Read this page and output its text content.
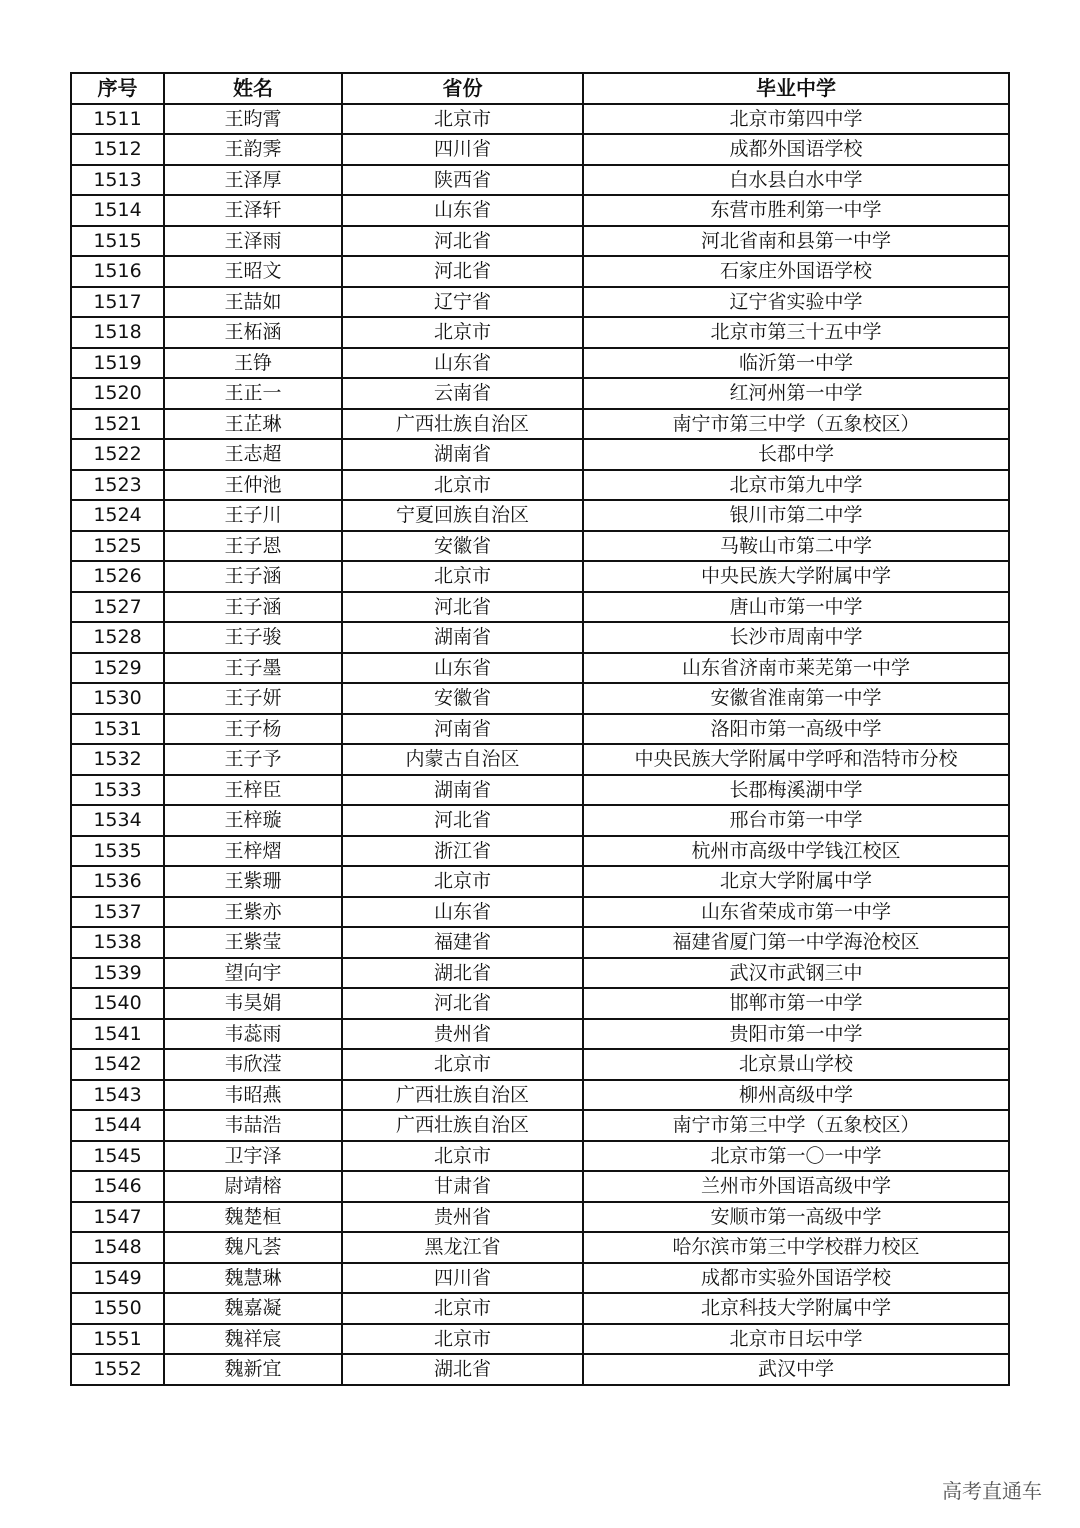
序号	姓名	省份	毕业中学
1511	王昀霄	北京市	北京市第四中学
1512	王韵霁	四川省	成都外国语学校
1513	王泽厚	陕西省	白水县白水中学
1514	王泽轩	山东省	东营市胜利第一中学
1515	王泽雨	河北省	河北省南和县第一中学
1516	王昭文	河北省	石家庄外国语学校
1517	王喆如	辽宁省	辽宁省实验中学
1518	王柘涵	北京市	北京市第三十五中学
1519	王铮	山东省	临沂第一中学
1520	王正一	云南省	红河州第一中学
1521	王芷琳	广西壮族自治区	南宁市第三中学（五象校区）
1522	王志超	湖南省	长郡中学
1523	王仲池	北京市	北京市第九中学
1524	王子川	宁夏回族自治区	银川市第二中学
1525	王子恩	安徽省	马鞍山市第二中学
1526	王子涵	北京市	中央民族大学附属中学
1527	王子涵	河北省	唐山市第一中学
1528	王子骏	湖南省	长沙市周南中学
1529	王子墨	山东省	山东省济南市莱芜第一中学
1530	王子妍	安徽省	安徽省淮南第一中学
1531	王子杨	河南省	洛阳市第一高级中学
1532	王子予	内蒙古自治区	中央民族大学附属中学呼和浩特市分校
1533	王梓臣	湖南省	长郡梅溪湖中学
1534	王梓璇	河北省	邢台市第一中学
1535	王梓熠	浙江省	杭州市高级中学钱江校区
1536	王紫珊	北京市	北京大学附属中学
1537	王紫亦	山东省	山东省荣成市第一中学
1538	王紫莹	福建省	福建省厦门第一中学海沧校区
1539	望向宇	湖北省	武汉市武钢三中
1540	韦昊娟	河北省	邯郸市第一中学
1541	韦蕊雨	贵州省	贵阳市第一中学
1542	韦欣滢	北京市	北京景山学校
1543	韦昭燕	广西壮族自治区	柳州高级中学
1544	韦喆浩	广西壮族自治区	南宁市第三中学（五象校区）
1545	卫宇泽	北京市	北京市第一〇一中学
1546	尉靖榕	甘肃省	兰州市外国语高级中学
1547	魏楚桓	贵州省	安顺市第一高级中学
1548	魏凡荟	黑龙江省	哈尔滨市第三中学校群力校区
1549	魏慧琳	四川省	成都市实验外国语学校
1550	魏嘉凝	北京市	北京科技大学附属中学
1551	魏祥宸	北京市	北京市日坛中学
1552	魏新宜	湖北省	武汉中学
高考直通车
